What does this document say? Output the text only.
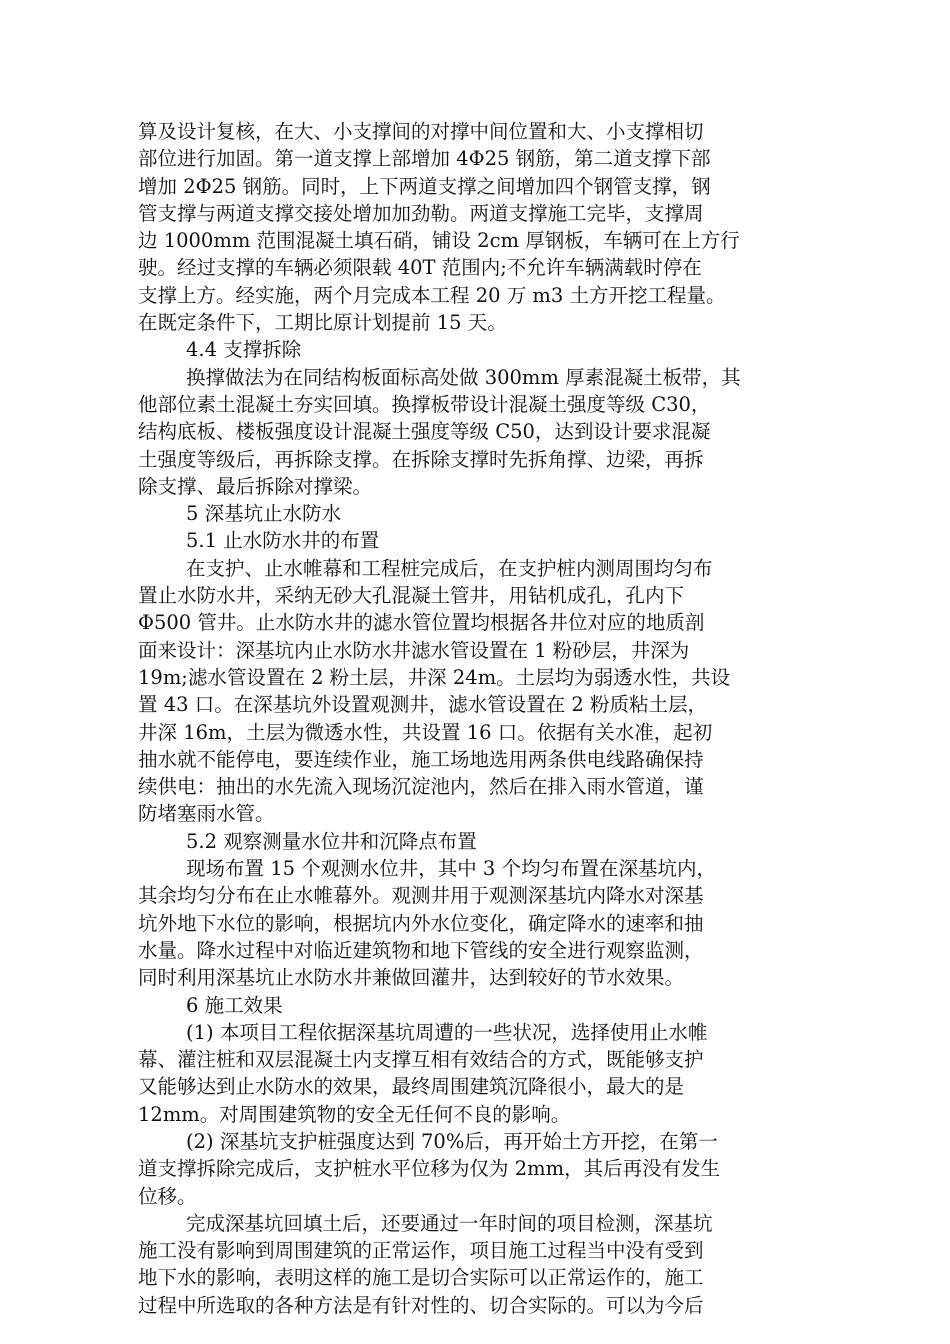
算及设计复核，在大、小支撑间的对撑中间位置和大、小支撑相切
部位进行加固。第一道支撑上部增加 4Φ25 钢筋，第二道支撑下部
增加 2Φ25 钢筋。同时，上下两道支撑之间增加四个钢管支撑，钢
管支撑与两道支撑交接处增加加劲勒。两道支撑施工完毕，支撑周
边 1000mm 范围混凝土填石硝，铺设 2cm 厚钢板，车辆可在上方行
驶。经过支撑的车辆必须限载 40T 范围内;不允许车辆满载时停在
支撑上方。经实施，两个月完成本工程 20 万 m3 土方开挖工程量。
在既定条件下，工期比原计划提前 15 天。
4.4 支撑拆除
换撑做法为在同结构板面标高处做 300mm 厚素混凝土板带，其
他部位素土混凝土夯实回填。换撑板带设计混凝土强度等级 C30，
结构底板、楼板强度设计混凝土强度等级 C50，达到设计要求混凝
土强度等级后，再拆除支撑。在拆除支撑时先拆角撑、边梁，再拆
除支撑、最后拆除对撑梁。
5 深基坑止水防水
5.1 止水防水井的布置
在支护、止水帷幕和工程桩完成后，在支护桩内测周围均匀布
置止水防水井，采纳无砂大孔混凝土管井，用钻机成孔，孔内下
Φ500 管井。止水防水井的滤水管位置均根据各井位对应的地质剖
面来设计：深基坑内止水防水井滤水管设置在 1 粉砂层，井深为
19m;滤水管设置在 2 粉土层，井深 24m。土层均为弱透水性，共设
置 43 口。在深基坑外设置观测井，滤水管设置在 2 粉质粘土层，
井深 16m，土层为微透水性，共设置 16 口。依据有关水准，起初
抽水就不能停电，要连续作业，施工场地选用两条供电线路确保持
续供电：抽出的水先流入现场沉淀池内，然后在排入雨水管道，谨
防堵塞雨水管。
5.2 观察测量水位井和沉降点布置
现场布置 15 个观测水位井，其中 3 个均匀布置在深基坑内，
其余均匀分布在止水帷幕外。观测井用于观测深基坑内降水对深基
坑外地下水位的影响，根据坑内外水位变化，确定降水的速率和抽
水量。降水过程中对临近建筑物和地下管线的安全进行观察监测，
同时利用深基坑止水防水井兼做回灌井，达到较好的节水效果。
6 施工效果
(1) 本项目工程依据深基坑周遭的一些状况，选择使用止水帷
幕、灌注桩和双层混凝土内支撑互相有效结合的方式，既能够支护
又能够达到止水防水的效果，最终周围建筑沉降很小，最大的是
12mm。对周围建筑物的安全无任何不良的影响。
(2) 深基坑支护桩强度达到 70%后，再开始土方开挖，在第一
道支撑拆除完成后，支护桩水平位移为仅为 2mm，其后再没有发生
位移。
完成深基坑回填土后，还要通过一年时间的项目检测，深基坑
施工没有影响到周围建筑的正常运作，项目施工过程当中没有受到
地下水的影响，表明这样的施工是切合实际可以正常运作的，施工
过程中所选取的各种方法是有针对性的、切合实际的。可以为今后
